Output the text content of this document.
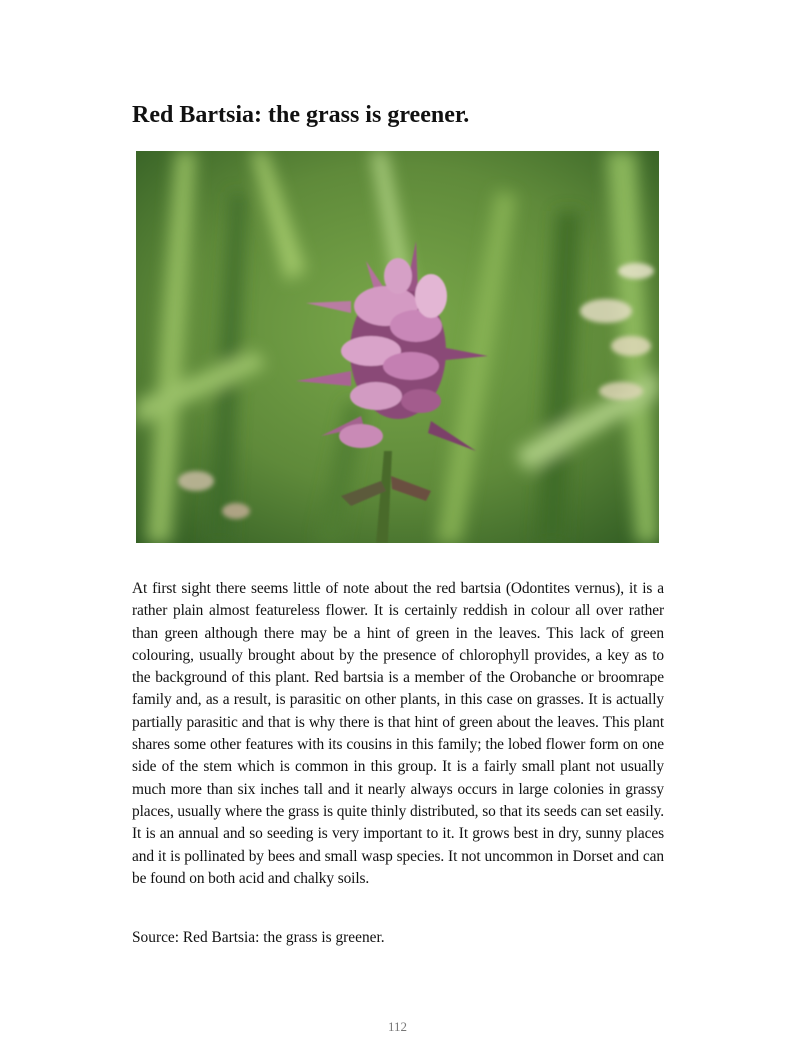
Red Bartsia: the grass is greener.

At first sight there seems little of note about the red bartsia (Odontites vernus), it is a rather plain almost featureless flower. It is certainly reddish in colour all over rather than green although there may be a hint of green in the leaves. This lack of green colouring, usually brought about by the presence of chlorophyll provides, a key as to the background of this plant. Red bartsia is a member of the Orobanche or broomrape family and, as a result, is parasitic on other plants, in this case on grasses. It is actually partially parasitic and that is why there is that hint of green about the leaves. This plant shares some other features with its cousins in this family; the lobed flower form on one side of the stem which is common in this group. It is a fairly small plant not usually much more than six inches tall and it nearly always occurs in large colonies in grassy places, usually where the grass is quite thinly distributed, so that its seeds can set easily. It is an annual and so seeding is very important to it. It grows best in dry, sunny places and it is pollinated by bees and small wasp species. It not uncommon in Dorset and can be found on both acid and chalky soils.

Source: Red Bartsia: the grass is greener.

112
